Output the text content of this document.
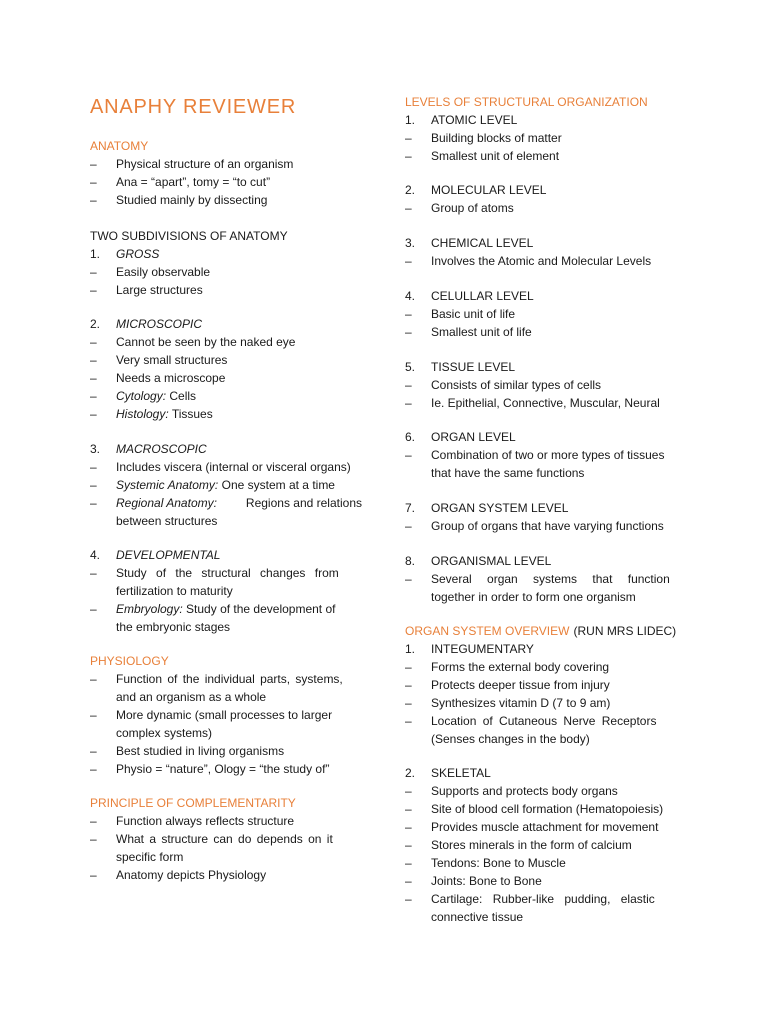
ANAPHY REVIEWER
ANATOMY
–	Physical structure of an organism
–	Ana = “apart”, tomy = “to cut”
–	Studied mainly by dissecting
TWO SUBDIVISIONS OF ANATOMY
1.	GROSS
–	Easily observable
–	Large structures
2.	MICROSCOPIC
–	Cannot be seen by the naked eye
–	Very small structures
–	Needs a microscope
–	Cytology: Cells
–	Histology: Tissues
3.	MACROSCOPIC
–	Includes viscera (internal or visceral organs)
–	Systemic Anatomy: One system at a time
–	Regional Anatomy: Regions and relations
between structures
4.	DEVELOPMENTAL
–	Study of the structural changes from
fertilization to maturity
–	Embryology: Study of the development of
the embryonic stages
PHYSIOLOGY
–	Function of the individual parts, systems,
and an organism as a whole
–	More dynamic (small processes to larger
complex systems)
–	Best studied in living organisms
–	Physio = “nature”, Ology = “the study of”
PRINCIPLE OF COMPLEMENTARITY
–	Function always reflects structure
–	What a structure can do depends on it
specific form
–	Anatomy depicts Physiology
LEVELS OF STRUCTURAL ORGANIZATION
1.	ATOMIC LEVEL
–	Building blocks of matter
–	Smallest unit of element
2.	MOLECULAR LEVEL
–	Group of atoms
3.	CHEMICAL LEVEL
–	Involves the Atomic and Molecular Levels
4.	CELULLAR LEVEL
–	Basic unit of life
–	Smallest unit of life
5.	TISSUE LEVEL
–	Consists of similar types of cells
–	Ie. Epithelial, Connective, Muscular, Neural
6.	ORGAN LEVEL
–	Combination of two or more types of tissues
that have the same functions
7.	ORGAN SYSTEM LEVEL
–	Group of organs that have varying functions
8.	ORGANISMAL LEVEL
–	Several organ systems that function
together in order to form one organism
ORGAN SYSTEM OVERVIEW (RUN MRS LIDEC)
1.	INTEGUMENTARY
–	Forms the external body covering
–	Protects deeper tissue from injury
–	Synthesizes vitamin D (7 to 9 am)
–	Location of Cutaneous Nerve Receptors
(Senses changes in the body)
2.	SKELETAL
–	Supports and protects body organs
–	Site of blood cell formation (Hematopoiesis)
–	Provides muscle attachment for movement
–	Stores minerals in the form of calcium
–	Tendons: Bone to Muscle
–	Joints: Bone to Bone
–	Cartilage: Rubber-like pudding, elastic
connective tissue
